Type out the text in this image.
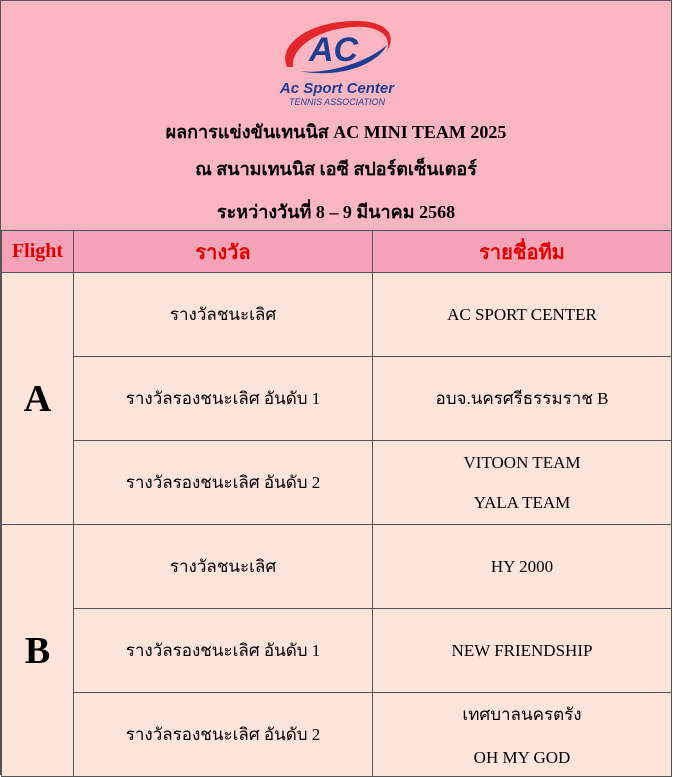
AC
Ac Sport Center
TENNIS ASSOCIATION
ผลการแข่งขันเทนนิส AC MINI TEAM 2025
ณ สนามเทนนิส เอซี สปอร์ตเซ็นเตอร์
ระหว่างวันที่ 8 – 9 มีนาคม 2568
Flight	รางวัล	รายชื่อทีม
A	รางวัลชนะเลิศ	AC SPORT CENTER
	รางวัลรองชนะเลิศ อันดับ 1	อบจ.นครศรีธรรมราช B
	รางวัลรองชนะเลิศ อันดับ 2	VITOON TEAM
YALA TEAM

B	รางวัลชนะเลิศ	HY 2000
	รางวัลรองชนะเลิศ อันดับ 1	NEW FRIENDSHIP
	รางวัลรองชนะเลิศ อันดับ 2	เทศบาลนครตรัง
OH MY GOD
